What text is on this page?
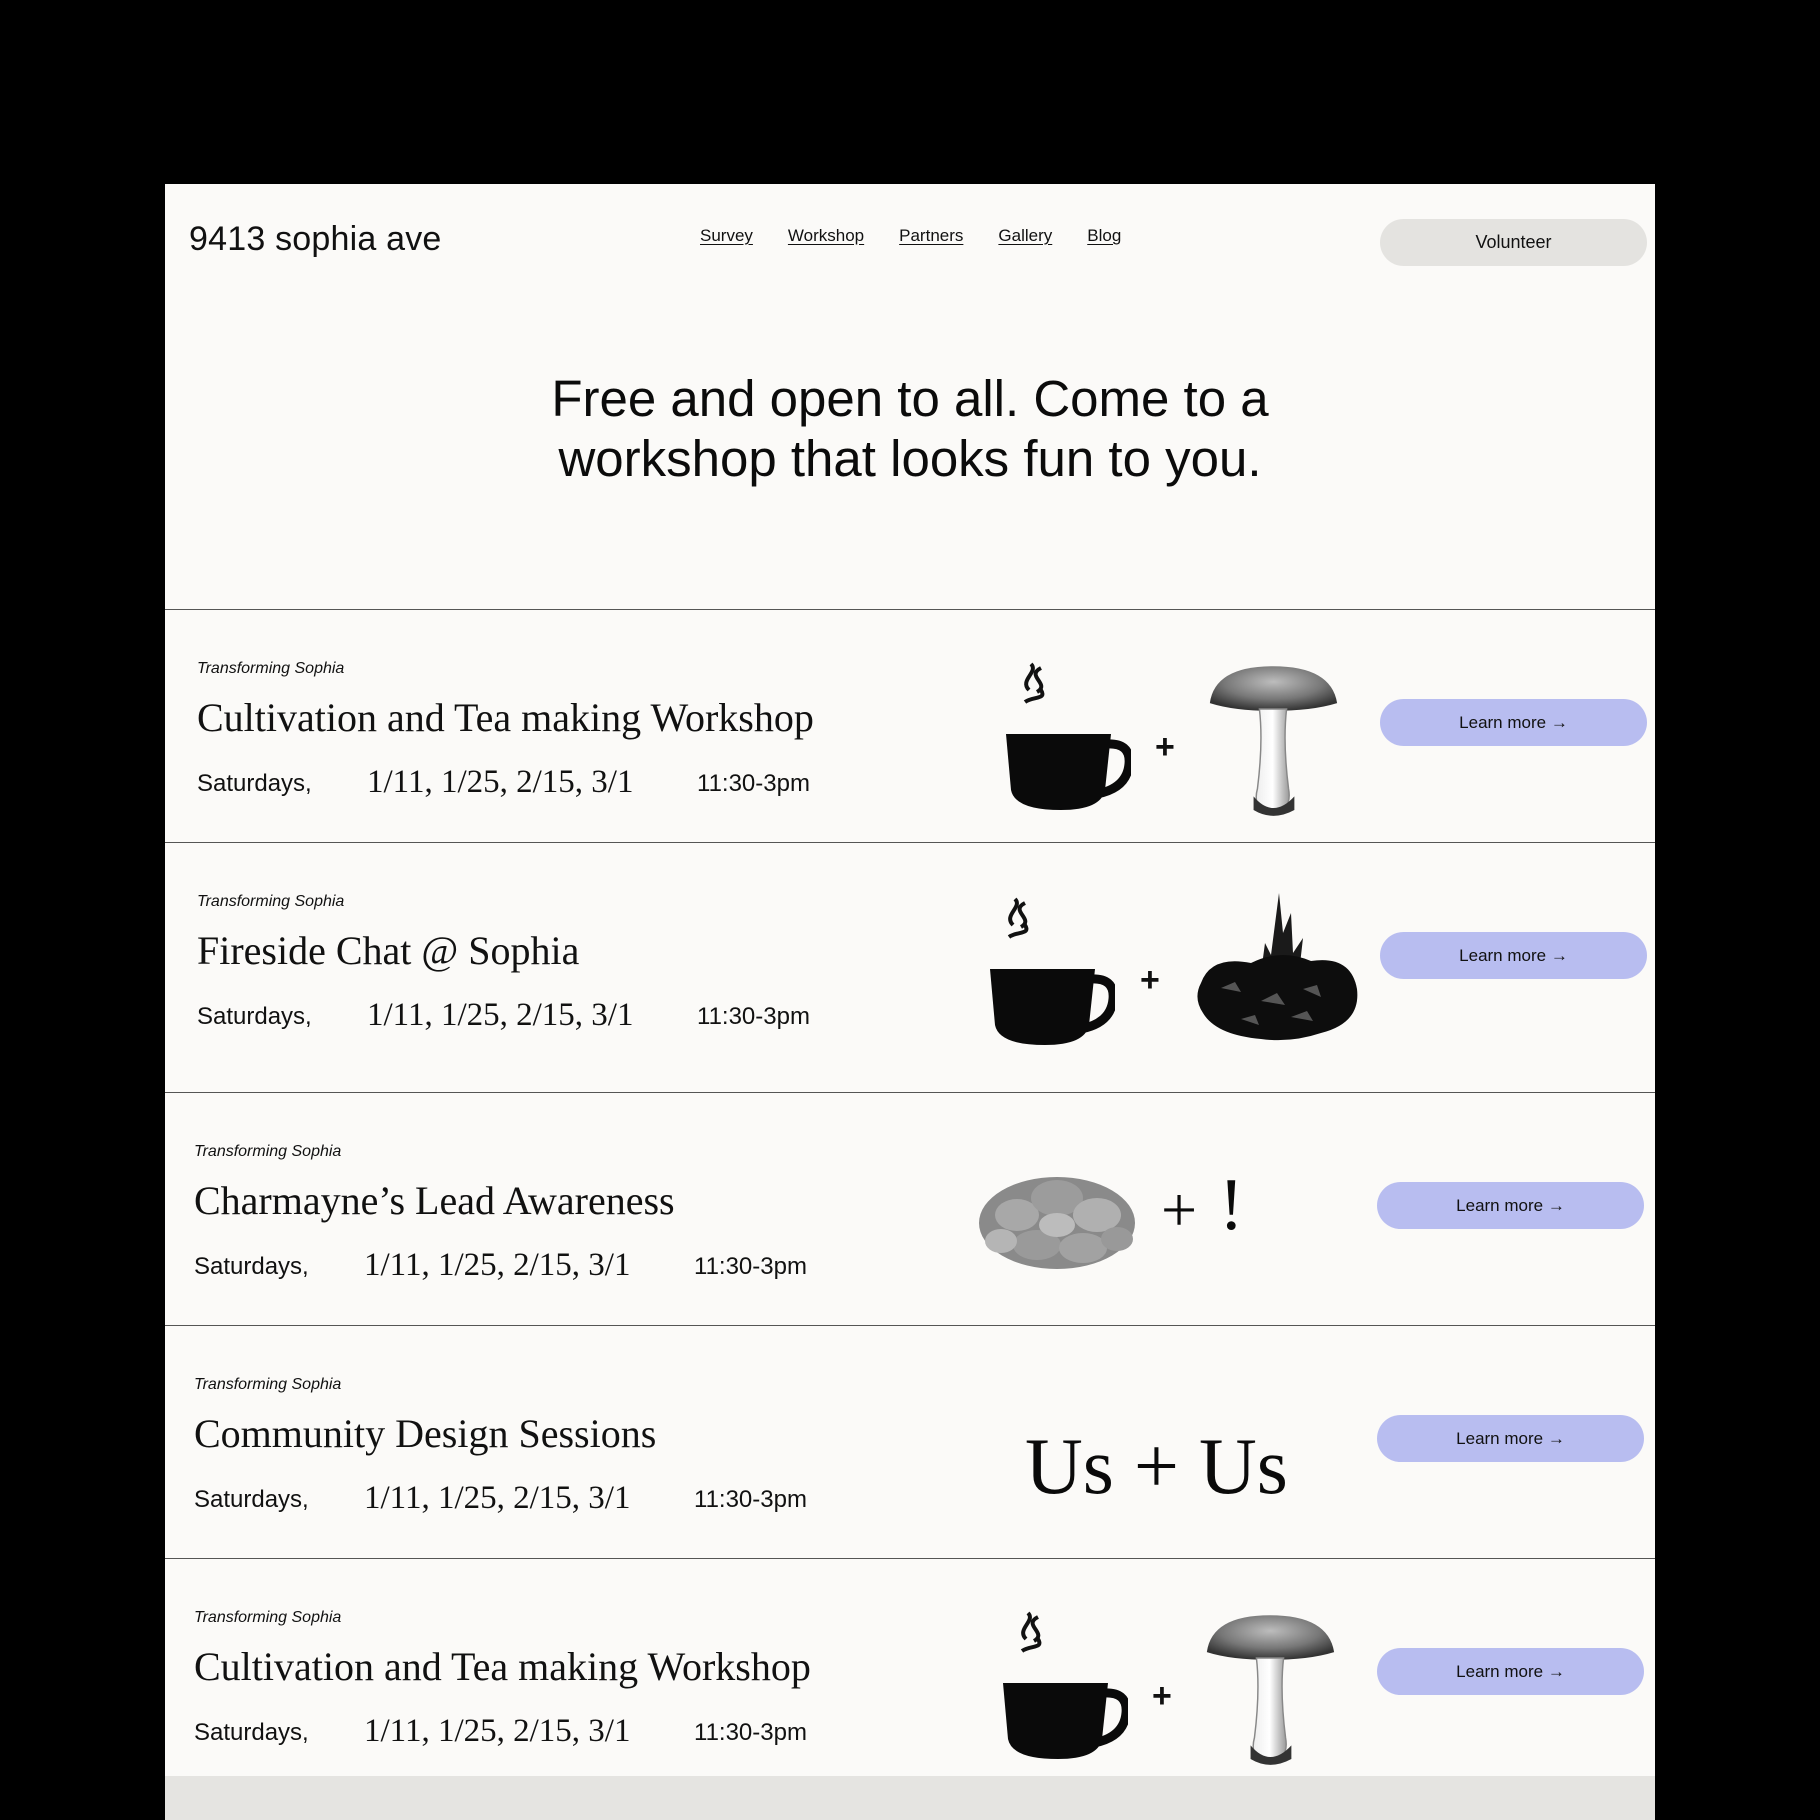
9413 sophia ave	Survey Workshop Partners Gallery Blog	Volunteer
Free and open to all. Come to a
workshop that looks fun to you.
Transforming Sophia
Cultivation and Tea making Workshop
Saturdays, 1/11, 1/25, 2/15, 3/1	11:30-3pm
+
Learn more →
Transforming Sophia
Fireside Chat @ Sophia
Saturdays, 1/11, 1/25, 2/15, 3/1	11:30-3pm
+
Learn more →
Transforming Sophia
Charmayne’s Lead Awareness
Saturdays, 1/11, 1/25, 2/15, 3/1	11:30-3pm
+ !	Learn more →
Transforming Sophia
Community Design Sessions
Saturdays, 1/11, 1/25, 2/15, 3/1	11:30-3pm	Us + Us	Learn more →
Transforming Sophia
Cultivation and Tea making Workshop
Saturdays, 1/11, 1/25, 2/15, 3/1	11:30-3pm
+
Learn more →
